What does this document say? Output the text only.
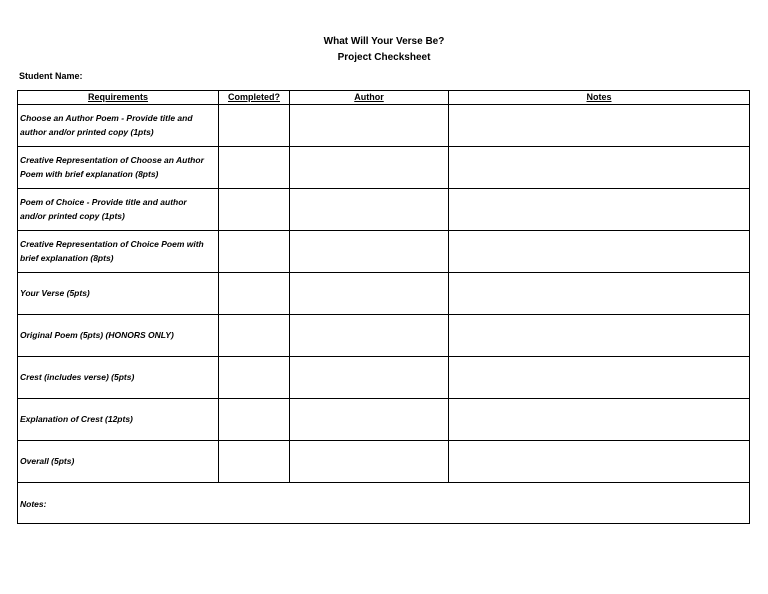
What Will Your Verse Be?
Project Checksheet
Student Name:
Requirements	Completed?	Author	Notes

Choose an Author Poem - Provide title and author and/or printed copy (1pts)			

Creative Representation of Choose an Author Poem with brief explanation (8pts)			

Poem of Choice - Provide title and author and/or printed copy (1pts)			

Creative Representation of Choice Poem with brief explanation (8pts)			

Your Verse (5pts)			

Original Poem (5pts) (HONORS ONLY)			

Crest (includes verse) (5pts)			

Explanation of Crest (12pts)			

Overall (5pts)			

Notes:			
